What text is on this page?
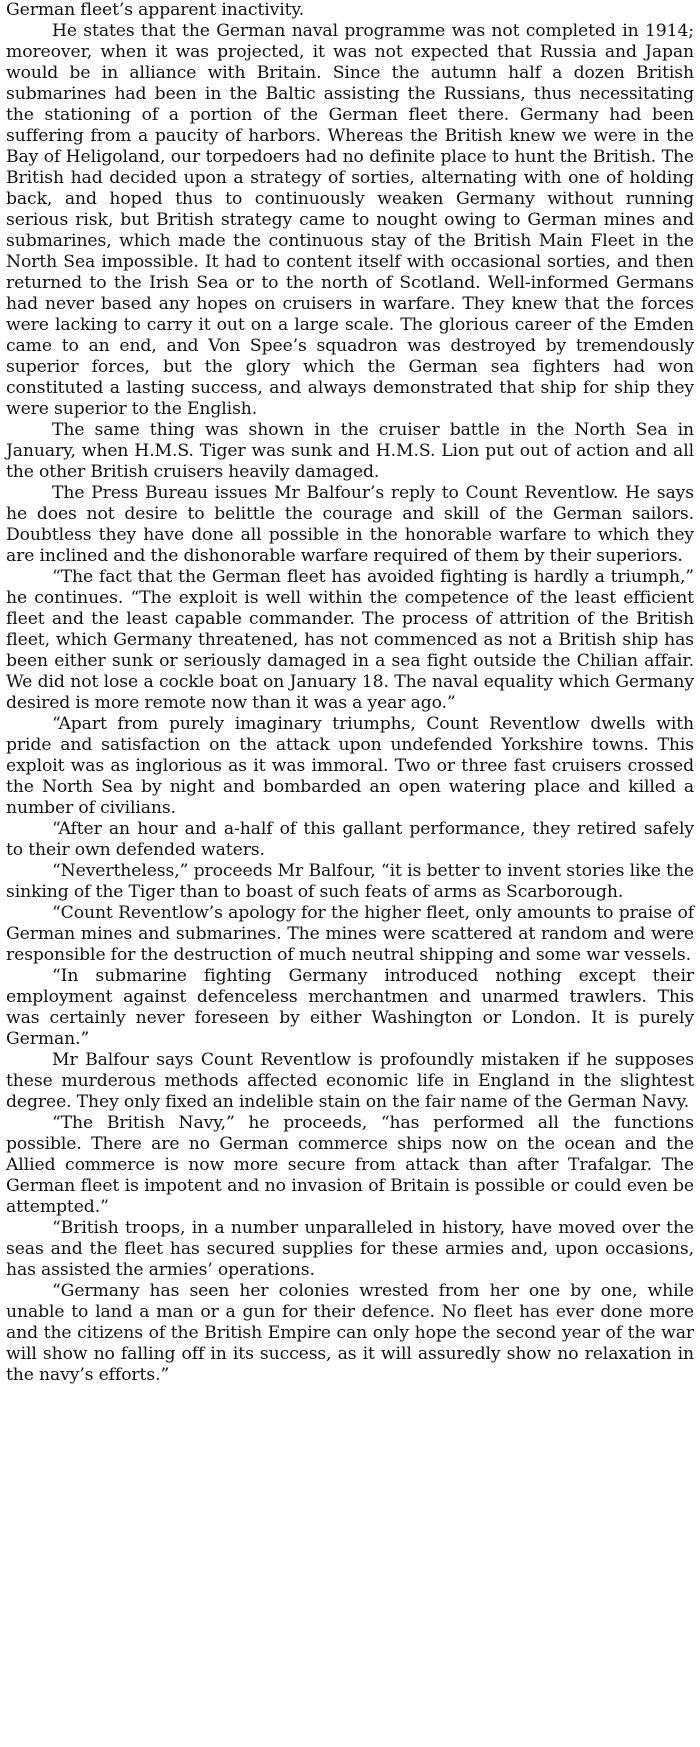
German fleet’s apparent inactivity.

He states that the German naval programme was not completed in 1914; moreover, when it was projected, it was not expected that Russia and Japan would be in alliance with Britain. Since the autumn half a dozen British submarines had been in the Baltic assisting the Russians, thus necessitating the stationing of a portion of the German fleet there. Germany had been suffering from a paucity of harbors. Whereas the British knew we were in the Bay of Heligoland, our torpedoers had no definite place to hunt the British. The British had decided upon a strategy of sorties, alternating with one of holding back, and hoped thus to continuously weaken Germany without running serious risk, but British strategy came to nought owing to German mines and submarines, which made the continuous stay of the British Main Fleet in the North Sea impossible. It had to content itself with occasional sorties, and then returned to the Irish Sea or to the north of Scotland. Well-informed Germans had never based any hopes on cruisers in warfare. They knew that the forces were lacking to carry it out on a large scale. The glorious career of the Emden came to an end, and Von Spee’s squadron was destroyed by tremendously superior forces, but the glory which the German sea fighters had won constituted a lasting success, and always demonstrated that ship for ship they were superior to the English.

The same thing was shown in the cruiser battle in the North Sea in January, when H.M.S. Tiger was sunk and H.M.S. Lion put out of action and all the other British cruisers heavily damaged.

The Press Bureau issues Mr Balfour’s reply to Count Reventlow. He says he does not desire to belittle the courage and skill of the German sailors. Doubtless they have done all possible in the honorable warfare to which they are inclined and the dishonorable warfare required of them by their superiors.

“The fact that the German fleet has avoided fighting is hardly a triumph,” he continues. “The exploit is well within the competence of the least efficient fleet and the least capable commander. The process of attrition of the British fleet, which Germany threatened, has not commenced as not a British ship has been either sunk or seriously damaged in a sea fight outside the Chilian affair. We did not lose a cockle boat on January 18. The naval equality which Germany desired is more remote now than it was a year ago.”

“Apart from purely imaginary triumphs, Count Reventlow dwells with pride and satisfaction on the attack upon undefended Yorkshire towns. This exploit was as inglorious as it was immoral. Two or three fast cruisers crossed the North Sea by night and bombarded an open watering place and killed a number of civilians.

“After an hour and a-half of this gallant performance, they retired safely to their own defended waters.

“Nevertheless,” proceeds Mr Balfour, “it is better to invent stories like the sinking of the Tiger than to boast of such feats of arms as Scarborough.

“Count Reventlow’s apology for the higher fleet, only amounts to praise of German mines and submarines. The mines were scattered at random and were responsible for the destruction of much neutral shipping and some war vessels.

“In submarine fighting Germany introduced nothing except their employment against defenceless merchantmen and unarmed trawlers. This was certainly never foreseen by either Washington or London. It is purely German.”

Mr Balfour says Count Reventlow is profoundly mistaken if he supposes these murderous methods affected economic life in England in the slightest degree. They only fixed an indelible stain on the fair name of the German Navy.

“The British Navy,” he proceeds, “has performed all the functions possible. There are no German commerce ships now on the ocean and the Allied commerce is now more secure from attack than after Trafalgar. The German fleet is impotent and no invasion of Britain is possible or could even be attempted.”

“British troops, in a number unparalleled in history, have moved over the seas and the fleet has secured supplies for these armies and, upon occasions, has assisted the armies’ operations.

“Germany has seen her colonies wrested from her one by one, while unable to land a man or a gun for their defence. No fleet has ever done more and the citizens of the British Empire can only hope the second year of the war will show no falling off in its success, as it will assuredly show no relaxation in the navy’s efforts.”
